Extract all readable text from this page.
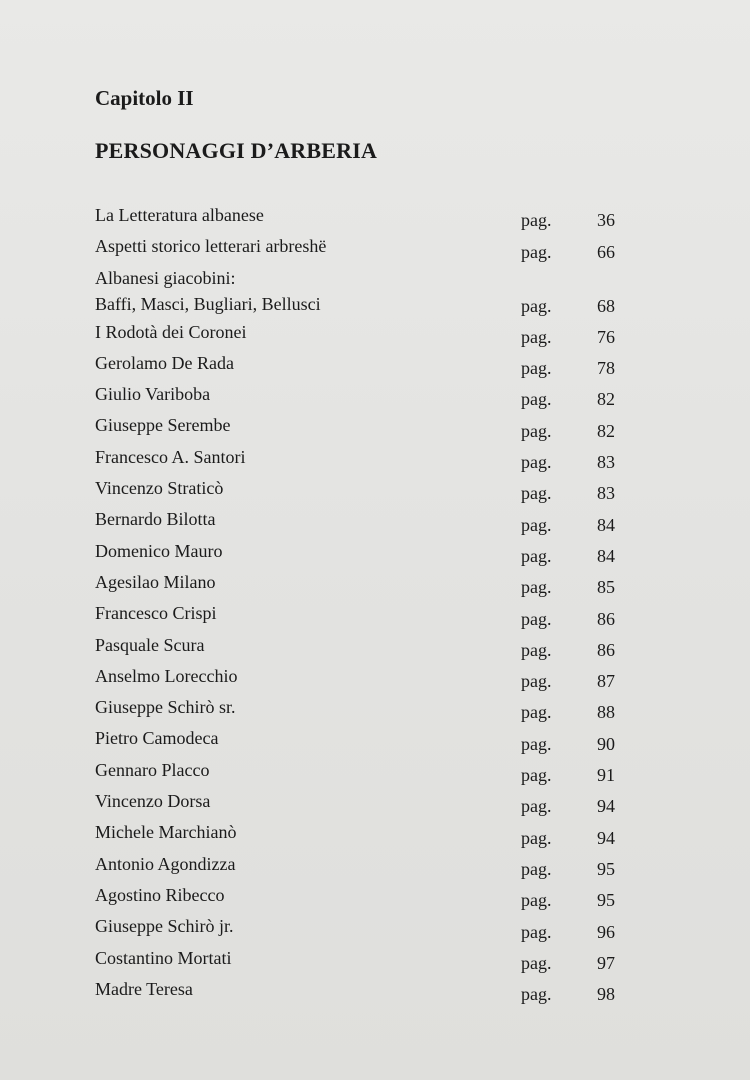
Capitolo II
PERSONAGGI D’ARBERIA
La Letteratura albanese	pag.	36
Aspetti storico letterari arbreshë	pag.	66
Albanesi giacobini:
Baffi, Masci, Bugliari, Bellusci	pag.	68
I Rodotà dei Coronei	pag.	76
Gerolamo De Rada	pag.	78
Giulio Variboba	pag.	82
Giuseppe Serembe	pag.	82
Francesco A. Santori	pag.	83
Vincenzo Straticò	pag.	83
Bernardo Bilotta	pag.	84
Domenico Mauro	pag.	84
Agesilao Milano	pag.	85
Francesco Crispi	pag.	86
Pasquale Scura	pag.	86
Anselmo Lorecchio	pag.	87
Giuseppe Schirò sr.	pag.	88
Pietro Camodeca	pag.	90
Gennaro Placco	pag.	91
Vincenzo Dorsa	pag.	94
Michele Marchianò	pag.	94
Antonio Agondizza	pag.	95
Agostino Ribecco	pag.	95
Giuseppe Schirò jr.	pag.	96
Costantino Mortati	pag.	97
Madre Teresa	pag.	98
